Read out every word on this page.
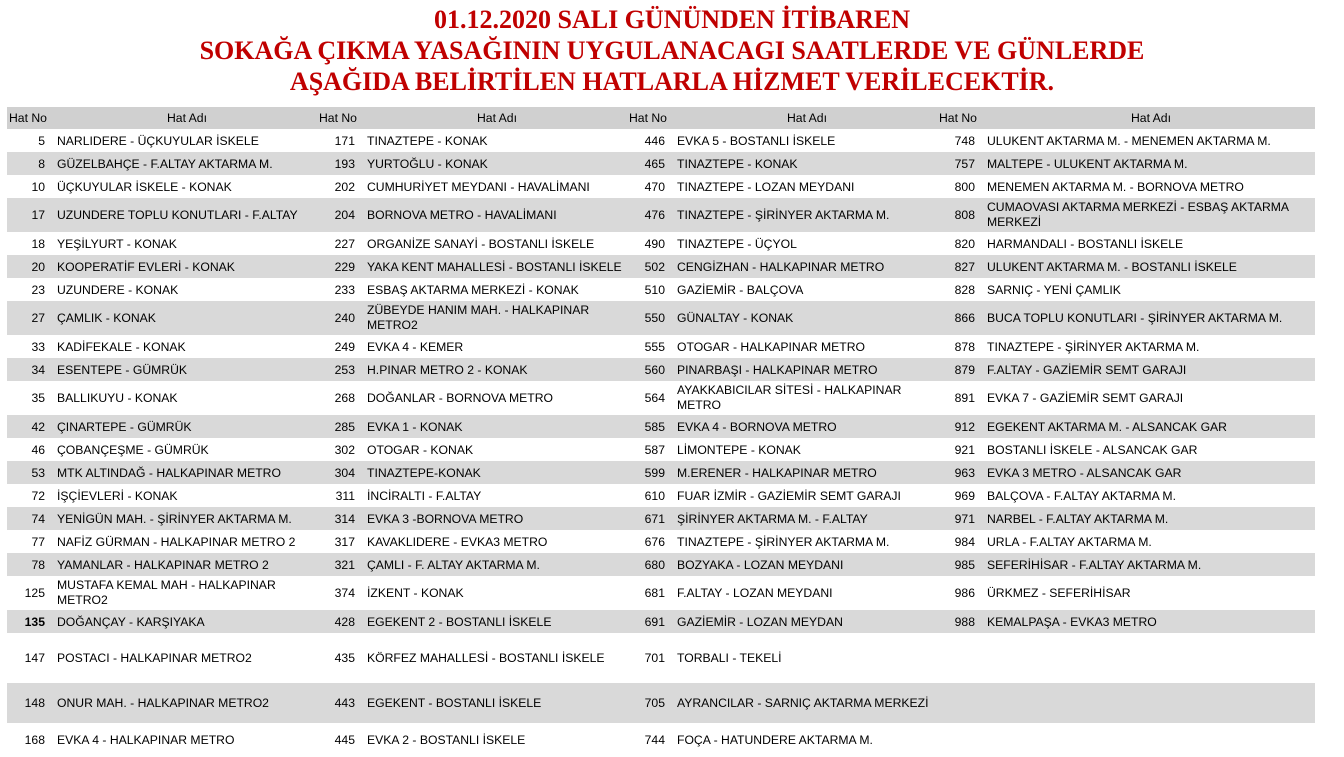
01.12.2020 SALI GÜNÜNDEN İTİBAREN
SOKAĞA ÇIKMA YASAĞININ UYGULANACAGI SAATLERDE VE GÜNLERDE
AŞAĞIDA BELİRTİLEN HATLARLA HİZMET VERİLECEKTİR.
Hat No	Hat Adı	Hat No	Hat Adı	Hat No	Hat Adı	Hat No	Hat Adı
5	NARLIDERE - ÜÇKUYULAR İSKELE	171	TINAZTEPE - KONAK	446	EVKA 5 - BOSTANLI İSKELE	748	ULUKENT AKTARMA M. - MENEMEN AKTARMA M.
8	GÜZELBAHÇE - F.ALTAY AKTARMA M.	193	YURTOĞLU - KONAK	465	TINAZTEPE - KONAK	757	MALTEPE - ULUKENT AKTARMA M.
10	ÜÇKUYULAR İSKELE - KONAK	202	CUMHURİYET MEYDANI - HAVALİMANI	470	TINAZTEPE - LOZAN MEYDANI	800	MENEMEN AKTARMA M. - BORNOVA METRO
17	UZUNDERE TOPLU KONUTLARI - F.ALTAY	204	BORNOVA METRO - HAVALİMANI	476	TINAZTEPE - ŞİRİNYER AKTARMA M.	808	CUMAOVASI AKTARMA MERKEZİ - ESBAŞ AKTARMA MERKEZİ
18	YEŞİLYURT - KONAK	227	ORGANİZE SANAYİ - BOSTANLI İSKELE	490	TINAZTEPE - ÜÇYOL	820	HARMANDALI - BOSTANLI İSKELE
20	KOOPERATİF EVLERİ - KONAK	229	YAKA KENT MAHALLESİ - BOSTANLI İSKELE	502	CENGİZHAN - HALKAPINAR METRO	827	ULUKENT AKTARMA M. - BOSTANLI İSKELE
23	UZUNDERE - KONAK	233	ESBAŞ AKTARMA MERKEZİ - KONAK	510	GAZİEMİR - BALÇOVA	828	SARNIÇ - YENİ ÇAMLIK
27	ÇAMLIK - KONAK	240	ZÜBEYDE HANIM MAH. - HALKAPINAR METRO2	550	GÜNALTAY - KONAK	866	BUCA TOPLU KONUTLARI - ŞİRİNYER AKTARMA M.
33	KADİFEKALE - KONAK	249	EVKA 4 - KEMER	555	OTOGAR - HALKAPINAR METRO	878	TINAZTEPE - ŞİRİNYER AKTARMA M.
34	ESENTEPE - GÜMRÜK	253	H.PINAR METRO 2 - KONAK	560	PINARBAŞI - HALKAPINAR METRO	879	F.ALTAY - GAZİEMİR SEMT GARAJI
35	BALLIKUYU - KONAK	268	DOĞANLAR - BORNOVA METRO	564	AYAKKABICILAR SİTESİ - HALKAPINAR METRO	891	EVKA 7 - GAZİEMİR SEMT GARAJI
42	ÇINARTEPE - GÜMRÜK	285	EVKA 1 - KONAK	585	EVKA 4 - BORNOVA METRO	912	EGEKENT AKTARMA M. - ALSANCAK GAR
46	ÇOBANÇEŞME - GÜMRÜK	302	OTOGAR - KONAK	587	LİMONTEPE - KONAK	921	BOSTANLI İSKELE - ALSANCAK GAR
53	MTK ALTINDAĞ - HALKAPINAR METRO	304	TINAZTEPE-KONAK	599	M.ERENER - HALKAPINAR METRO	963	EVKA 3 METRO - ALSANCAK GAR
72	İŞÇİEVLERİ - KONAK	311	İNCİRALTI - F.ALTAY	610	FUAR İZMİR - GAZİEMİR SEMT GARAJI	969	BALÇOVA - F.ALTAY AKTARMA M.
74	YENİGÜN MAH. - ŞİRİNYER AKTARMA M.	314	EVKA 3 -BORNOVA METRO	671	ŞİRİNYER AKTARMA M. - F.ALTAY	971	NARBEL - F.ALTAY AKTARMA M.
77	NAFİZ GÜRMAN - HALKAPINAR METRO 2	317	KAVAKLIDERE - EVKA3 METRO	676	TINAZTEPE - ŞİRİNYER AKTARMA M.	984	URLA - F.ALTAY AKTARMA M.
78	YAMANLAR - HALKAPINAR METRO 2	321	ÇAMLI - F. ALTAY AKTARMA M.	680	BOZYAKA - LOZAN MEYDANI	985	SEFERİHİSAR - F.ALTAY AKTARMA M.
125	MUSTAFA KEMAL MAH - HALKAPINAR METRO2	374	İZKENT - KONAK	681	F.ALTAY - LOZAN MEYDANI	986	ÜRKMEZ - SEFERİHİSAR
135	DOĞANÇAY - KARŞIYAKA	428	EGEKENT 2 - BOSTANLI İSKELE	691	GAZİEMİR - LOZAN MEYDAN	988	KEMALPAŞA - EVKA3 METRO
147	POSTACI - HALKAPINAR METRO2	435	KÖRFEZ MAHALLESİ - BOSTANLI İSKELE	701	TORBALI - TEKELİ		
148	ONUR MAH. - HALKAPINAR METRO2	443	EGEKENT - BOSTANLI İSKELE	705	AYRANCILAR - SARNIÇ AKTARMA MERKEZİ		
168	EVKA 4 - HALKAPINAR METRO	445	EVKA 2 - BOSTANLI İSKELE	744	FOÇA - HATUNDERE AKTARMA M.		
